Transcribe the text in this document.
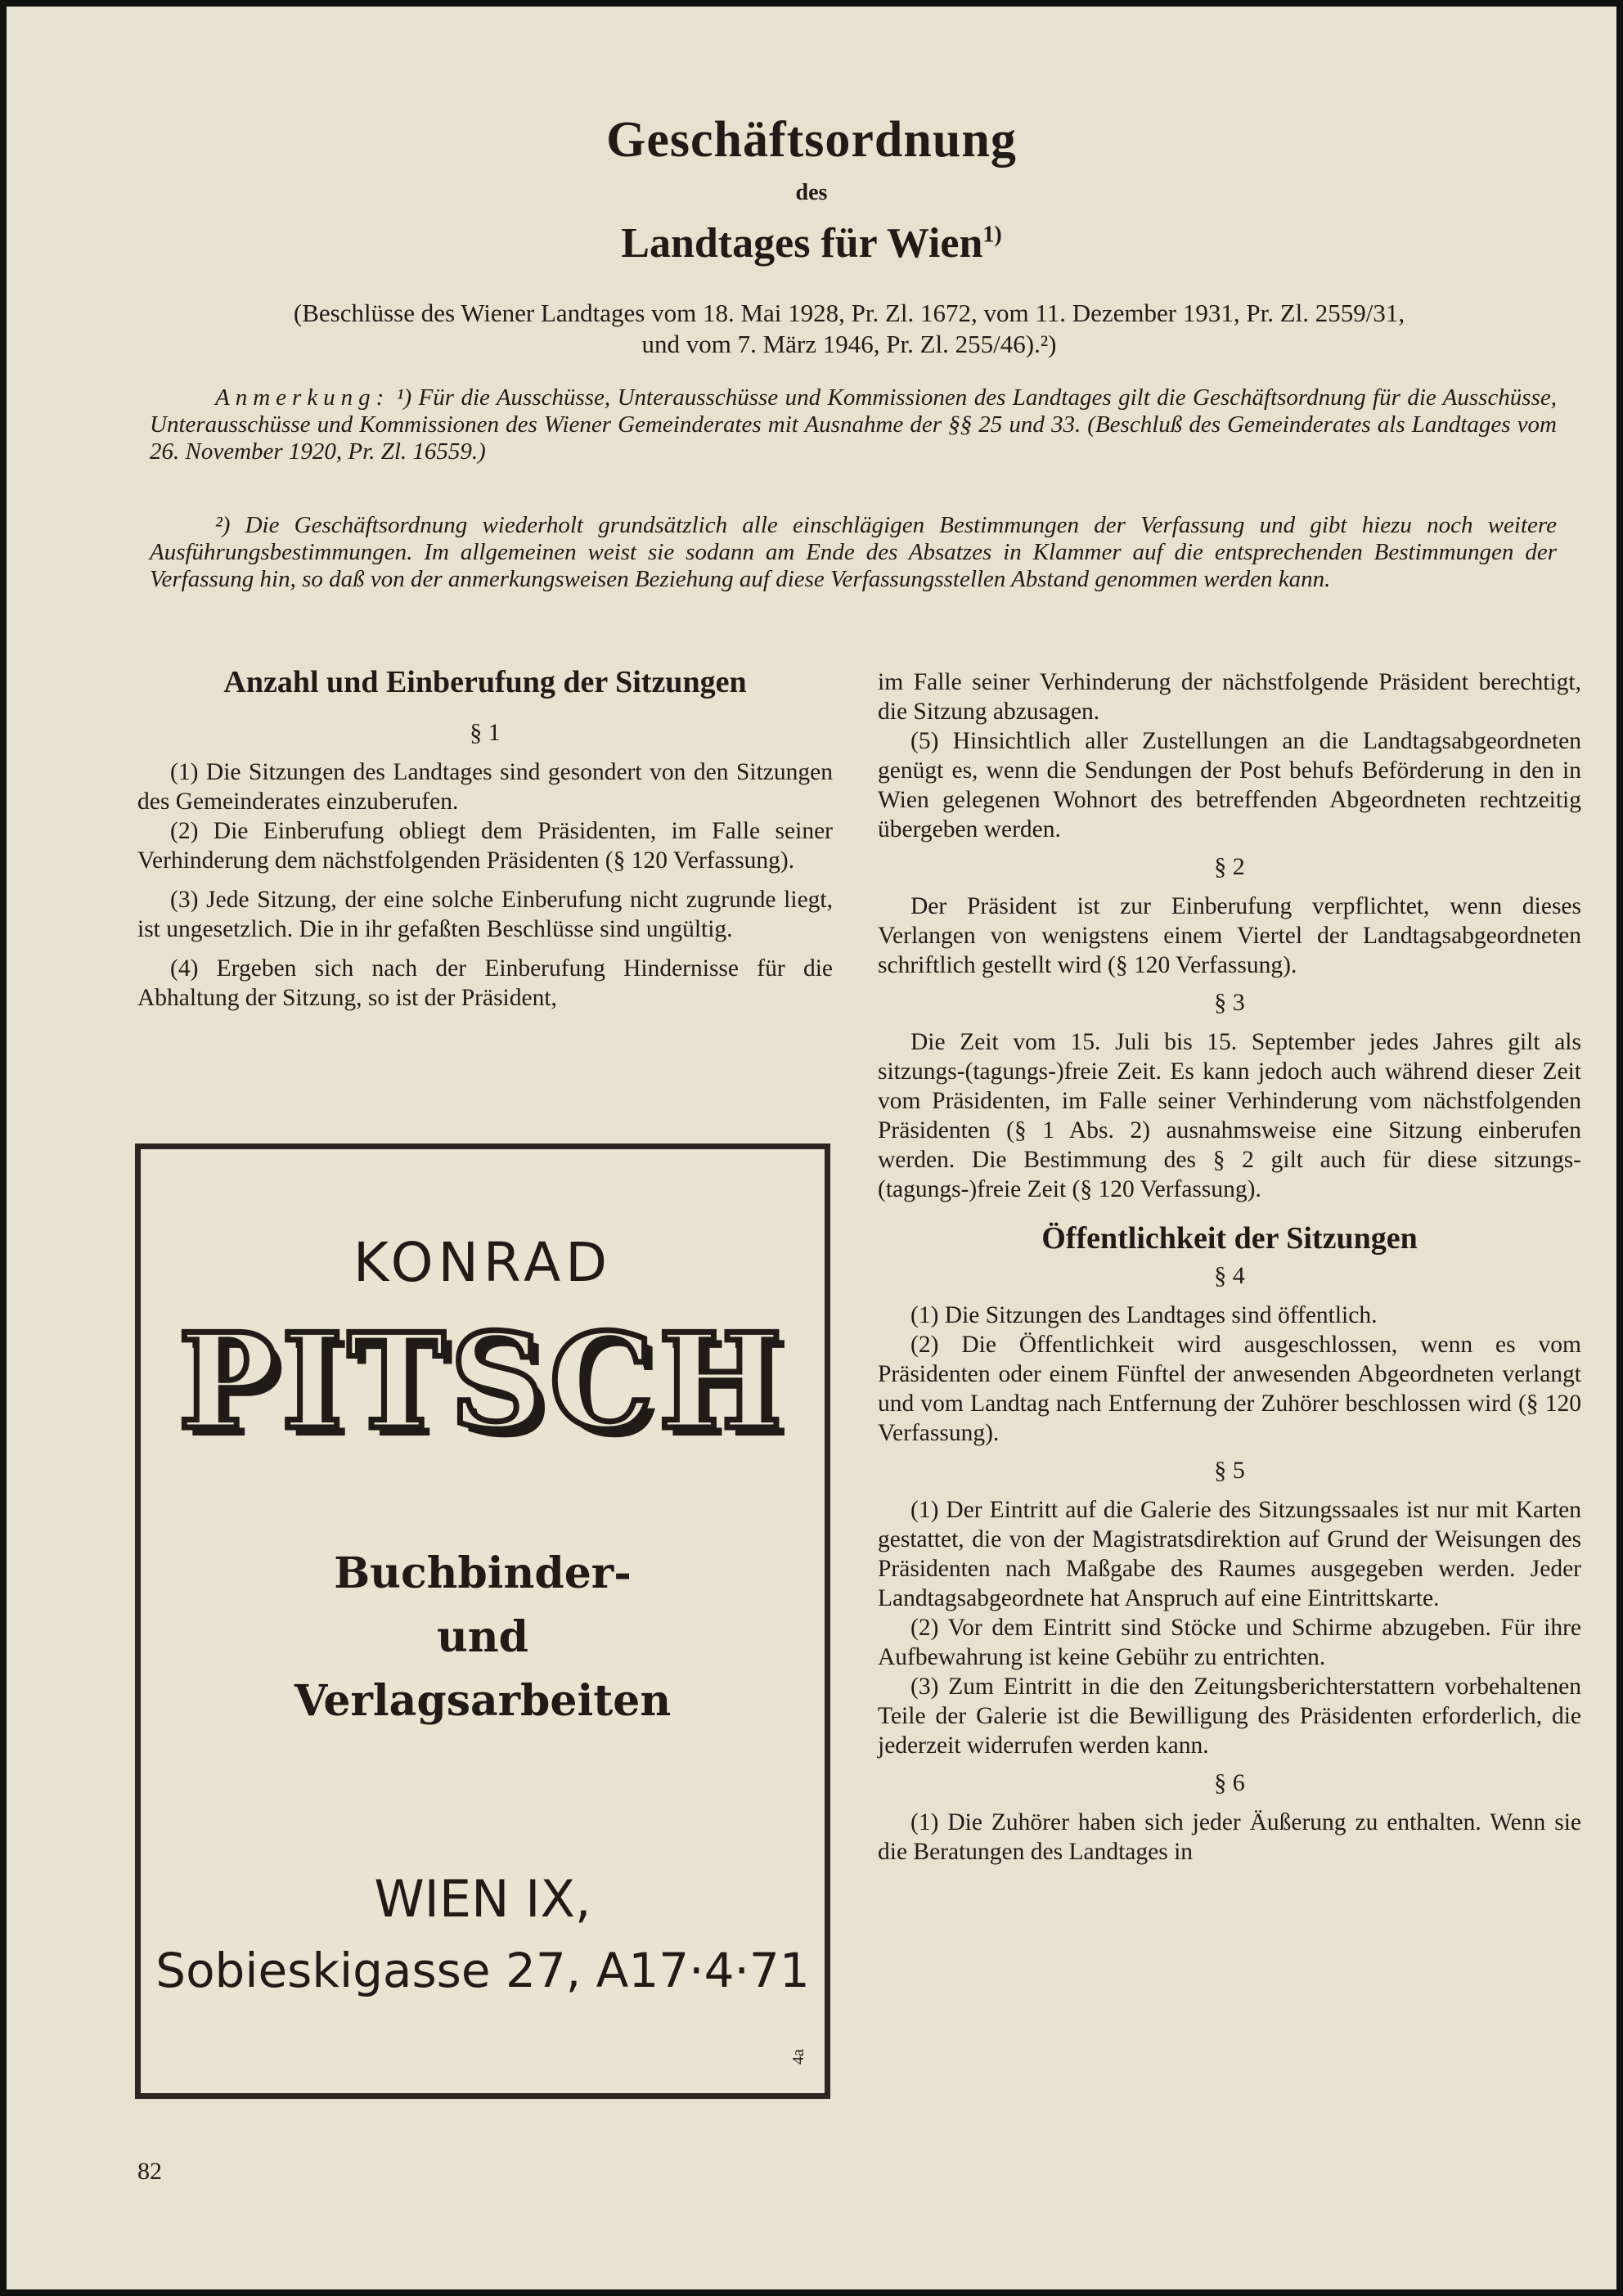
Geschäftsordnung
des
Landtages für Wien$^{1)}$
(Beschlüsse des Wiener Landtages vom 18. Mai 1928, Pr. Zl. 1672, vom 11. Dezember 1931, Pr. Zl. 2559/31,
und vom 7. März 1946, Pr. Zl. 255/46).²)
Anmerkung: ¹) Für die Ausschüsse, Unterausschüsse und Kommissionen des Landtages gilt die Geschäftsordnung für die Ausschüsse, Unterausschüsse und Kommissionen des Wiener Gemeinderates mit Ausnahme der §§ 25 und 33. (Beschluß des Gemeinderates als Landtages vom 26. November 1920, Pr. Zl. 16559.)
²) Die Geschäftsordnung wiederholt grundsätzlich alle einschlägigen Bestimmungen der Verfassung und gibt hiezu noch weitere Ausführungsbestimmungen. Im allgemeinen weist sie sodann am Ende des Absatzes in Klammer auf die entsprechenden Bestimmungen der Verfassung hin, so daß von der anmerkungsweisen Beziehung auf diese Verfassungsstellen Abstand genommen werden kann.
Anzahl und Einberufung der Sitzungen
§ 1

(1) Die Sitzungen des Landtages sind gesondert von den Sitzungen des Gemeinderates einzuberufen.

(2) Die Einberufung obliegt dem Präsidenten, im Falle seiner Verhinderung dem nächstfolgenden Präsidenten (§ 120 Verfassung).

(3) Jede Sitzung, der eine solche Einberufung nicht zugrunde liegt, ist ungesetzlich. Die in ihr gefaßten Beschlüsse sind ungültig.

(4) Ergeben sich nach der Einberufung Hindernisse für die Abhaltung der Sitzung, so ist der Präsident,

im Falle seiner Verhinderung der nächstfolgende Präsident berechtigt, die Sitzung abzusagen.

(5) Hinsichtlich aller Zustellungen an die Landtagsabgeordneten genügt es, wenn die Sendungen der Post behufs Beförderung in den in Wien gelegenen Wohnort des betreffenden Abgeordneten rechtzeitig übergeben werden.

§ 2

Der Präsident ist zur Einberufung verpflichtet, wenn dieses Verlangen von wenigstens einem Viertel der Landtagsabgeordneten schriftlich gestellt wird (§ 120 Verfassung).

§ 3

Die Zeit vom 15. Juli bis 15. September jedes Jahres gilt als sitzungs-(tagungs-)freie Zeit. Es kann jedoch auch während dieser Zeit vom Präsidenten, im Falle seiner Verhinderung vom nächstfolgenden Präsidenten (§ 1 Abs. 2) ausnahmsweise eine Sitzung einberufen werden. Die Bestimmung des § 2 gilt auch für diese sitzungs-(tagungs-)freie Zeit (§ 120 Verfassung).

Öffentlichkeit der Sitzungen
§ 4

(1) Die Sitzungen des Landtages sind öffentlich.

(2) Die Öffentlichkeit wird ausgeschlossen, wenn es vom Präsidenten oder einem Fünftel der anwesenden Abgeordneten verlangt und vom Landtag nach Entfernung der Zuhörer beschlossen wird (§ 120 Verfassung).

§ 5

(1) Der Eintritt auf die Galerie des Sitzungssaales ist nur mit Karten gestattet, die von der Magistratsdirektion auf Grund der Weisungen des Präsidenten nach Maßgabe des Raumes ausgegeben werden. Jeder Landtagsabgeordnete hat Anspruch auf eine Eintrittskarte.

(2) Vor dem Eintritt sind Stöcke und Schirme abzugeben. Für ihre Aufbewahrung ist keine Gebühr zu entrichten.

(3) Zum Eintritt in die den Zeitungsberichterstattern vorbehaltenen Teile der Galerie ist die Bewilligung des Präsidenten erforderlich, die jederzeit widerrufen werden kann.

§ 6

(1) Die Zuhörer haben sich jeder Äußerung zu enthalten. Wenn sie die Beratungen des Landtages in

KONRAD
PITSCH
Buchbinder-
und
Verlagsarbeiten
WIEN IX,
Sobieskigasse 27, A17·4·71
4a
82
